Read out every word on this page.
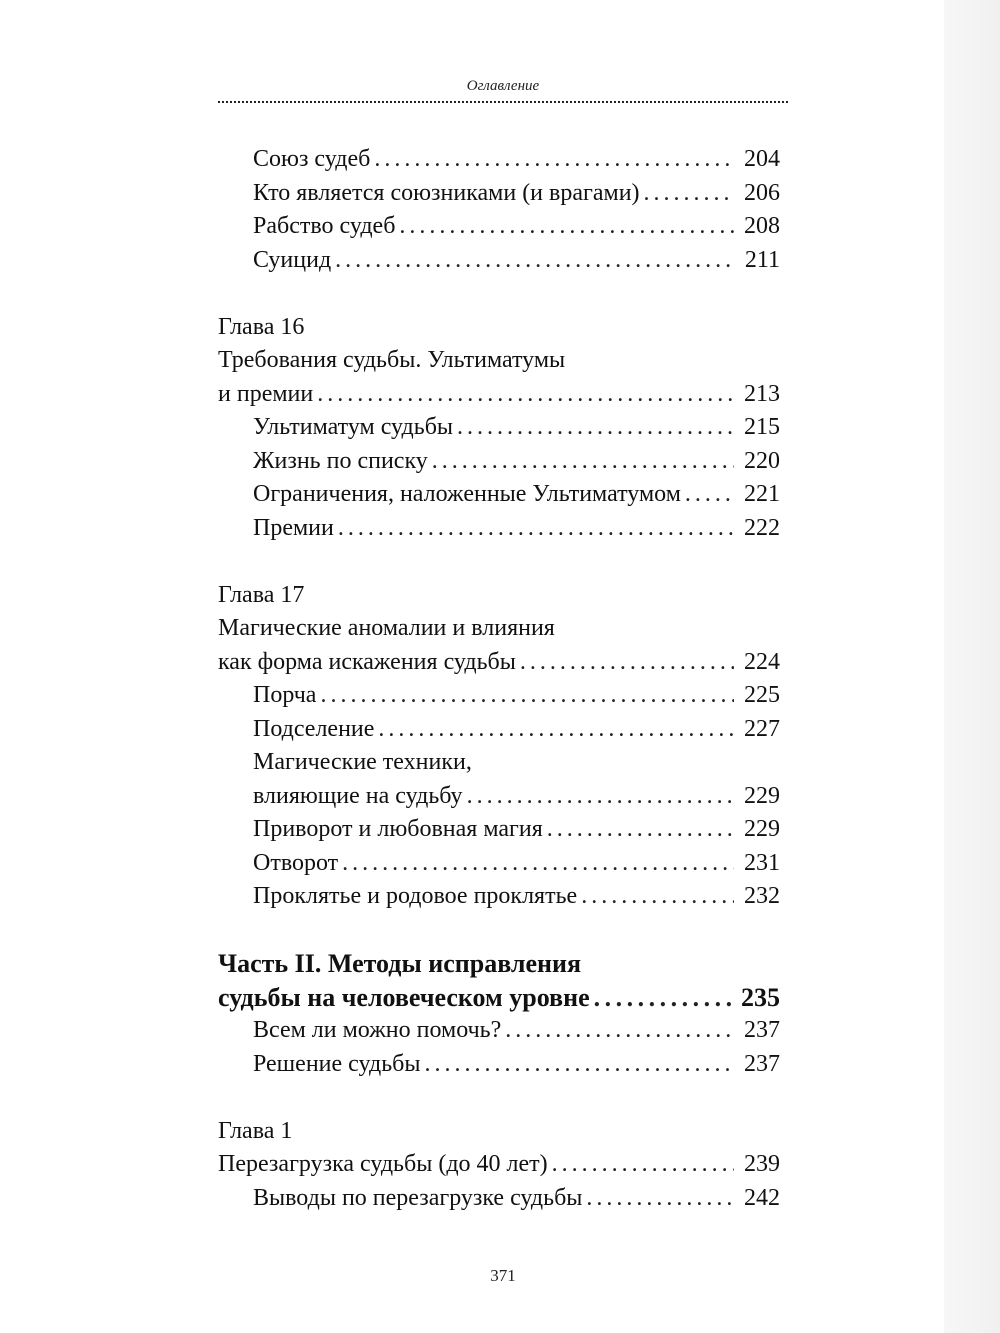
Оглавление
Союз судеб . . .	204
Кто является союзниками (и врагами) . . .	206
Рабство судеб . . .	208
Суицид . . .	211
Глава 16
Требования судьбы. Ультиматумы
и премии . . .	213
Ультиматум судьбы . . .	215
Жизнь по списку . . .	220
Ограничения, наложенные Ультиматумом . . .	221
Премии . . .	222
Глава 17
Магические аномалии и влияния
как форма искажения судьбы . . .	224
Порча . . .	225
Подселение . . .	227
Магические техники,
влияющие на судьбу . . .	229
Приворот и любовная магия . . .	229
Отворот . . .	231
Проклятье и родовое проклятье . . .	232
Часть II. Методы исправления
судьбы на человеческом уровне . . .	235
Всем ли можно помочь? . . .	237
Решение судьбы . . .	237
Глава 1
Перезагрузка судьбы (до 40 лет) . . .	239
Выводы по перезагрузке судьбы . . .	242
371
